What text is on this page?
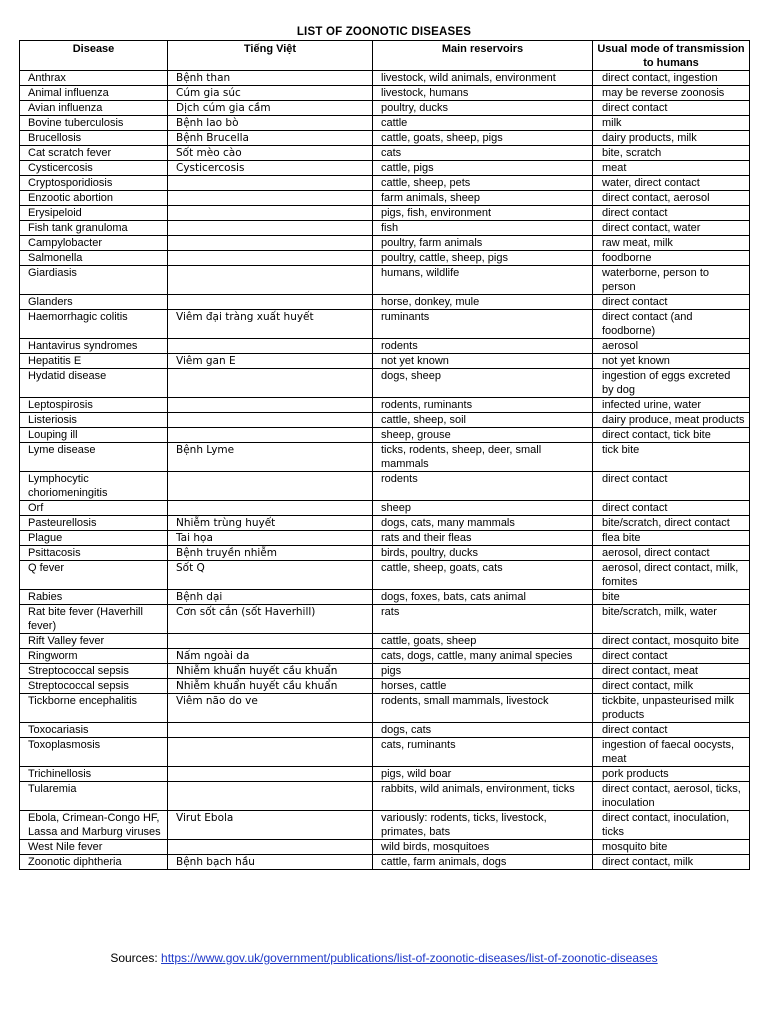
LIST OF ZOONOTIC DISEASES
Disease	Tiếng Việt	Main reservoirs	Usual mode of transmission to humans
Anthrax	Bệnh than	livestock, wild animals, environment	direct contact, ingestion
Animal influenza	Cúm gia súc	livestock, humans	may be reverse zoonosis
Avian influenza	Dịch cúm gia cầm	poultry, ducks	direct contact
Bovine tuberculosis	Bệnh lao bò	cattle	milk
Brucellosis	Bệnh Brucella	cattle, goats, sheep, pigs	dairy products, milk
Cat scratch fever	Sốt mèo cào	cats	bite, scratch
Cysticercosis	Cysticercosis	cattle, pigs	meat
Cryptosporidiosis		cattle, sheep, pets	water, direct contact
Enzootic abortion		farm animals, sheep	direct contact, aerosol
Erysipeloid		pigs, fish, environment	direct contact
Fish tank granuloma		fish	direct contact, water
Campylobacter		poultry, farm animals	raw meat, milk
Salmonella		poultry, cattle, sheep, pigs	foodborne
Giardiasis		humans, wildlife	waterborne, person to person
Glanders		horse, donkey, mule	direct contact
Haemorrhagic colitis	Viêm đại tràng xuất huyết	ruminants	direct contact (and foodborne)
Hantavirus syndromes		rodents	aerosol
Hepatitis E	Viêm gan E	not yet known	not yet known
Hydatid disease		dogs, sheep	ingestion of eggs excreted by dog
Leptospirosis		rodents, ruminants	infected urine, water
Listeriosis		cattle, sheep, soil	dairy produce, meat products
Louping ill		sheep, grouse	direct contact, tick bite
Lyme disease	Bệnh Lyme	ticks, rodents, sheep, deer, small mammals	tick bite
Lymphocytic choriomeningitis		rodents	direct contact
Orf		sheep	direct contact
Pasteurellosis	Nhiễm trùng huyết	dogs, cats, many mammals	bite/scratch, direct contact
Plague	Tai họa	rats and their fleas	flea bite
Psittacosis	Bệnh truyền nhiễm	birds, poultry, ducks	aerosol, direct contact
Q fever	Sốt Q	cattle, sheep, goats, cats	aerosol, direct contact, milk, fomites
Rabies	Bệnh dại	dogs, foxes, bats, cats animal	bite
Rat bite fever (Haverhill fever)	Cơn sốt cắn (sốt Haverhill)	rats	bite/scratch, milk, water
Rift Valley fever		cattle, goats, sheep	direct contact, mosquito bite
Ringworm	Nấm ngoài da	cats, dogs, cattle, many animal species	direct contact
Streptococcal sepsis	Nhiễm khuẩn huyết cầu khuẩn	pigs	direct contact, meat
Streptococcal sepsis	Nhiễm khuẩn huyết cầu khuẩn	horses, cattle	direct contact, milk
Tickborne encephalitis	Viêm não do ve	rodents, small mammals, livestock	tickbite, unpasteurised milk products
Toxocariasis		dogs, cats	direct contact
Toxoplasmosis		cats, ruminants	ingestion of faecal oocysts, meat
Trichinellosis		pigs, wild boar	pork products
Tularemia		rabbits, wild animals, environment, ticks	direct contact, aerosol, ticks, inoculation
Ebola, Crimean-Congo HF, Lassa and Marburg viruses	Virut Ebola	variously: rodents, ticks, livestock, primates, bats	direct contact, inoculation, ticks
West Nile fever		wild birds, mosquitoes	mosquito bite
Zoonotic diphtheria	Bệnh bạch hầu	cattle, farm animals, dogs	direct contact, milk
Sources: https://www.gov.uk/government/publications/list-of-zoonotic-diseases/list-of-zoonotic-diseases
